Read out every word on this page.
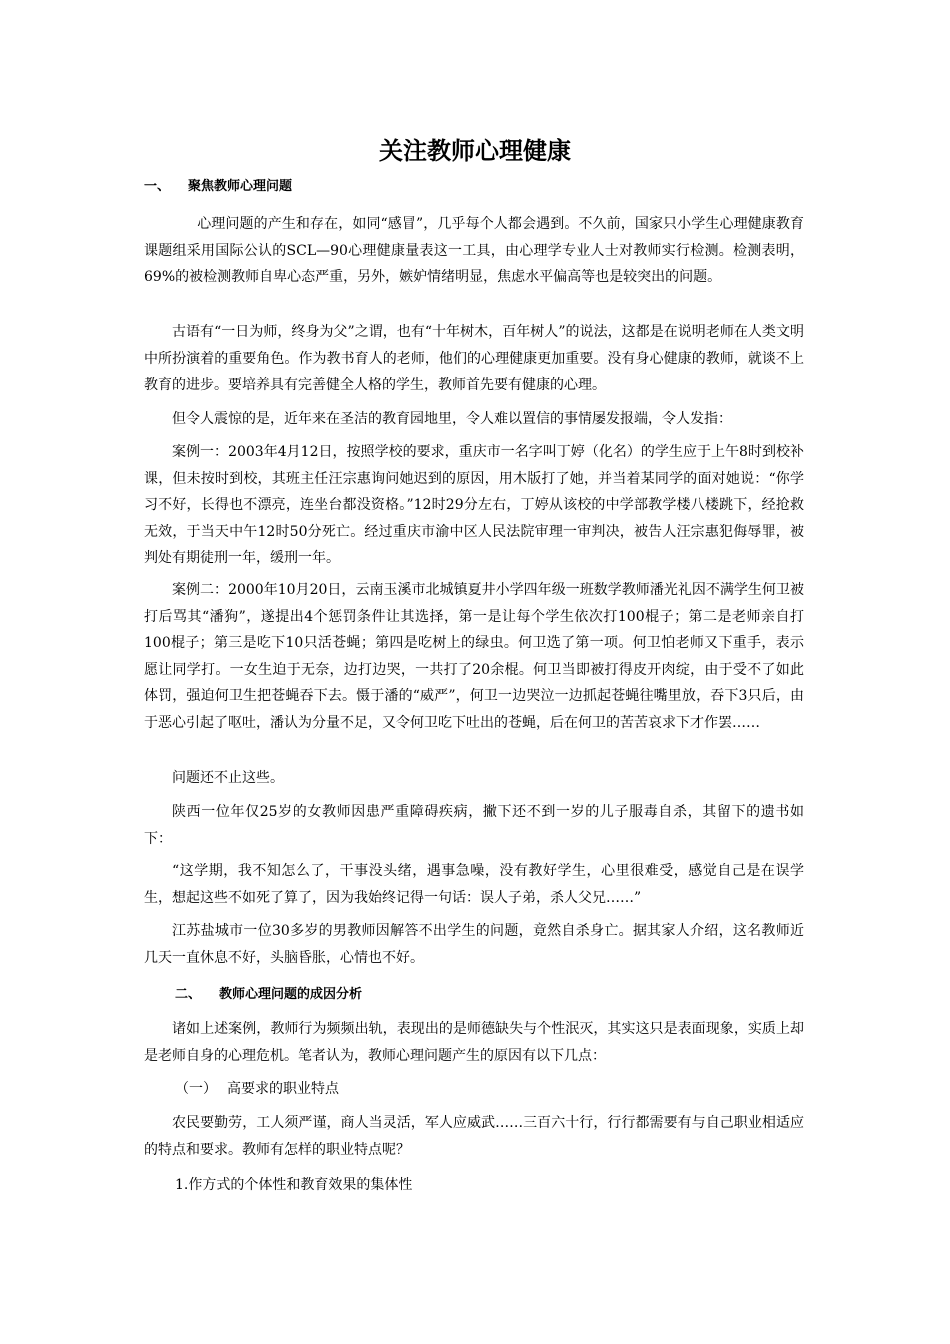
关注教师心理健康
一、 聚焦教师心理问题

心理问题的产生和存在，如同“感冒”，几乎每个人都会遇到。不久前，国家只小学生心理健康教育课题组采用国际公认的SCL—90心理健康量表这一工具，由心理学专业人士对教师实行检测。检测表明，69%的被检测教师自卑心态严重，另外，嫉妒情绪明显，焦虑水平偏高等也是较突出的问题。

古语有“一日为师，终身为父”之谓，也有“十年树木，百年树人”的说法，这都是在说明老师在人类文明中所扮演着的重要角色。作为教书育人的老师，他们的心理健康更加重要。没有身心健康的教师，就谈不上教育的进步。要培养具有完善健全人格的学生，教师首先要有健康的心理。

但令人震惊的是，近年来在圣洁的教育园地里，令人难以置信的事情屡发报端，令人发指：

案例一：2003年4月12日，按照学校的要求，重庆市一名字叫丁婷（化名）的学生应于上午8时到校补课，但未按时到校，其班主任汪宗惠询问她迟到的原因，用木版打了她，并当着某同学的面对她说：“你学习不好，长得也不漂亮，连坐台都没资格。”12时29分左右，丁婷从该校的中学部教学楼八楼跳下，经抢救无效，于当天中午12时50分死亡。经过重庆市渝中区人民法院审理一审判决，被告人汪宗惠犯侮辱罪，被判处有期徒刑一年，缓刑一年。

案例二：2000年10月20日，云南玉溪市北城镇夏井小学四年级一班数学教师潘光礼因不满学生何卫被打后骂其“潘狗”，遂提出4个惩罚条件让其选择，第一是让每个学生依次打100棍子；第二是老师亲自打100棍子；第三是吃下10只活苍蝇；第四是吃树上的绿虫。何卫选了第一项。何卫怕老师又下重手，表示愿让同学打。一女生迫于无奈，边打边哭，一共打了20余棍。何卫当即被打得皮开肉绽，由于受不了如此体罚，强迫何卫生把苍蝇吞下去。慑于潘的“威严”，何卫一边哭泣一边抓起苍蝇往嘴里放，吞下3只后，由于恶心引起了呕吐，潘认为分量不足，又令何卫吃下吐出的苍蝇，后在何卫的苦苦哀求下才作罢……

问题还不止这些。

陕西一位年仅25岁的女教师因患严重障碍疾病，撇下还不到一岁的儿子服毒自杀，其留下的遗书如下：

“这学期，我不知怎么了，干事没头绪，遇事急噪，没有教好学生，心里很难受，感觉自己是在误学生，想起这些不如死了算了，因为我始终记得一句话：误人子弟，杀人父兄……”

江苏盐城市一位30多岁的男教师因解答不出学生的问题，竟然自杀身亡。据其家人介绍，这名教师近几天一直休息不好，头脑昏胀，心情也不好。

二、 教师心理问题的成因分析

诸如上述案例，教师行为频频出轨，表现出的是师德缺失与个性泯灭，其实这只是表面现象，实质上却是老师自身的心理危机。笔者认为，教师心理问题产生的原因有以下几点：

（一） 高要求的职业特点

农民要勤劳，工人须严谨，商人当灵活，军人应威武……三百六十行，行行都需要有与自己职业相适应的特点和要求。教师有怎样的职业特点呢？

1.作方式的个体性和教育效果的集体性
